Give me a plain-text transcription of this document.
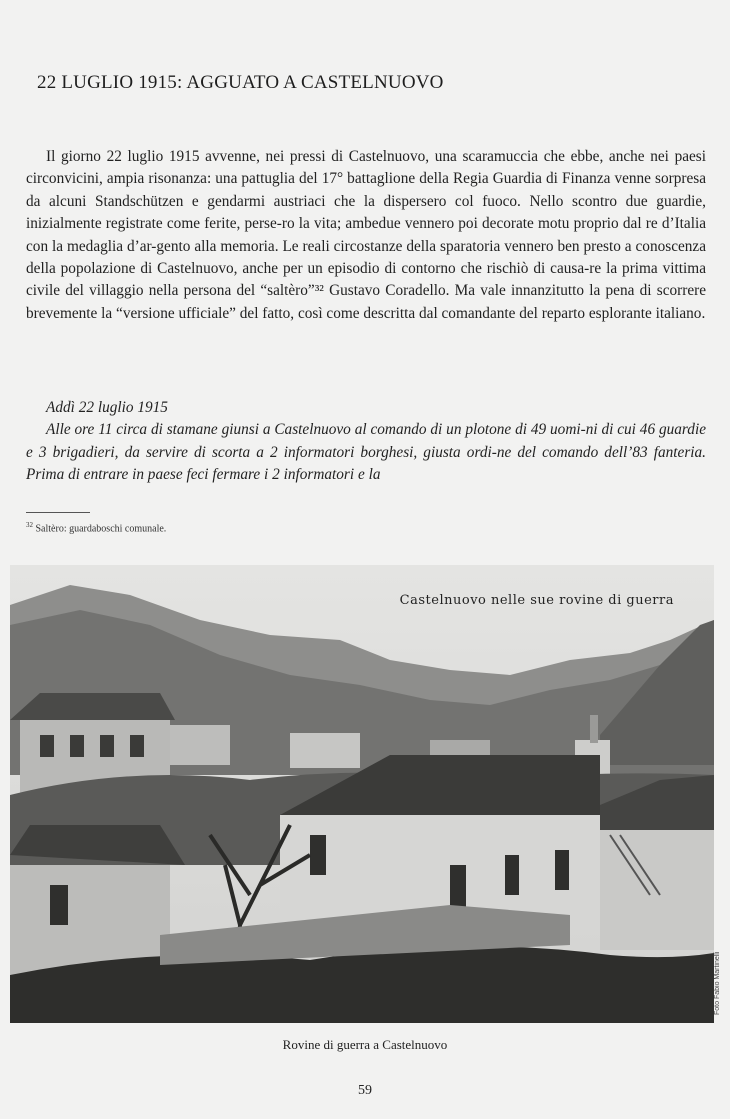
22 LUGLIO 1915: AGGUATO A CASTELNUOVO

Il giorno 22 luglio 1915 avvenne, nei pressi di Castelnuovo, una scaramuccia che ebbe, anche nei paesi circonvicini, ampia risonanza: una pattuglia del 17° battaglione della Regia Guardia di Finanza venne sorpresa da alcuni Standschützen e gendarmi austriaci che la dispersero col fuoco. Nello scontro due guardie, inizialmente registrate come ferite, perse-ro la vita; ambedue vennero poi decorate motu proprio dal re d’Italia con la medaglia d’ar-gento alla memoria. Le reali circostanze della sparatoria vennero ben presto a conoscenza della popolazione di Castelnuovo, anche per un episodio di contorno che rischiò di causa-re la prima vittima civile del villaggio nella persona del “saltèro”³² Gustavo Coradello. Ma vale innanzitutto la pena di scorrere brevemente la “versione ufficiale” del fatto, così come descritta dal comandante del reparto esplorante italiano.

Addì 22 luglio 1915

Alle ore 11 circa di stamane giunsi a Castelnuovo al comando di un plotone di 49 uomi-ni di cui 46 guardie e 3 brigadieri, da servire di scorta a 2 informatori borghesi, giusta ordi-ne del comando dell’83 fanteria. Prima di entrare in paese feci fermare i 2 informatori e la

$^{32}$ Saltèro: guardaboschi comunale.
Castelnuovo nelle sue rovine di guerra
Foto Fabio Martinelli
Rovine di guerra a Castelnuovo
59
